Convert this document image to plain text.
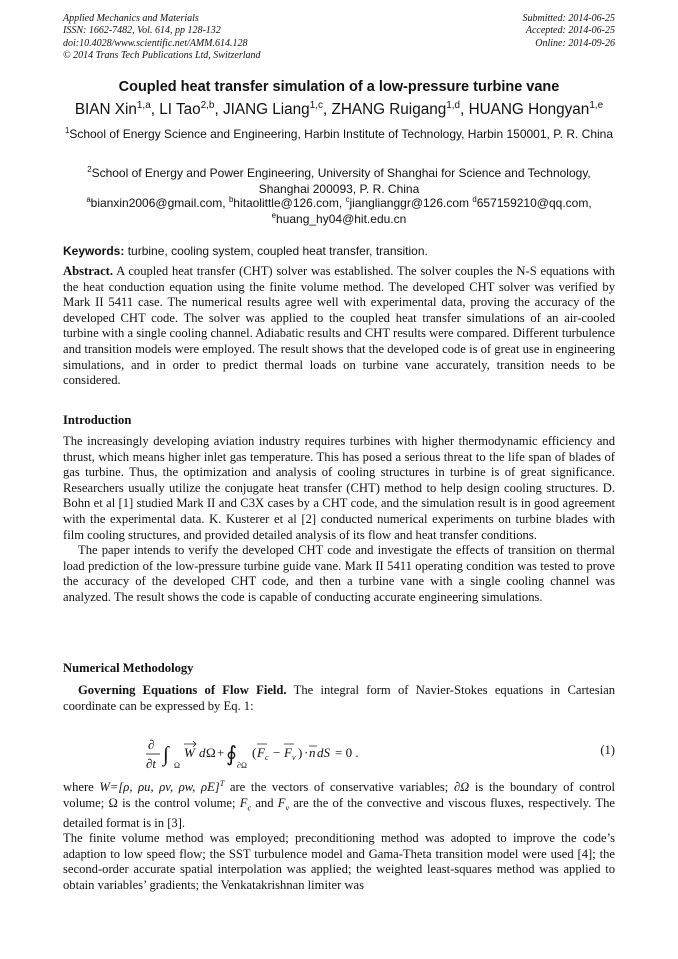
Applied Mechanics and Materials
ISSN: 1662-7482, Vol. 614, pp 128-132
doi:10.4028/www.scientific.net/AMM.614.128
© 2014 Trans Tech Publications Ltd, Switzerland
Submitted: 2014-06-25
Accepted: 2014-06-25
Online: 2014-09-26
Coupled heat transfer simulation of a low-pressure turbine vane
BIAN Xin$^{1,a}$, LI Tao$^{2,b}$, JIANG Liang$^{1,c}$, ZHANG Ruigang$^{1,d}$, HUANG Hongyan$^{1,e}$
$^1$School of Energy Science and Engineering, Harbin Institute of Technology, Harbin 150001, P. R. China
$^2$School of Energy and Power Engineering, University of Shanghai for Science and Technology, Shanghai 200093, P. R. China
$^a$bianxin2006@gmail.com, $^b$hitaolittle@126.com, $^c$jianglianggr@126.com $^d$657159210@qq.com,
$^e$huang_hy04@hit.edu.cn
Keywords: turbine, cooling system, coupled heat transfer, transition.

Abstract. A coupled heat transfer (CHT) solver was established. The solver couples the N-S equations with the heat conduction equation using the finite volume method. The developed CHT solver was verified by Mark II 5411 case. The numerical results agree well with experimental data, proving the accuracy of the developed CHT code. The solver was applied to the coupled heat transfer simulations of an air-cooled turbine with a single cooling channel. Adiabatic results and CHT results were compared. Different turbulence and transition models were employed. The result shows that the developed code is of great use in engineering simulations, and in order to predict thermal loads on turbine vane accurately, transition needs to be considered.

Introduction

The increasingly developing aviation industry requires turbines with higher thermodynamic efficiency and thrust, which means higher inlet gas temperature. This has posed a serious threat to the life span of blades of gas turbine. Thus, the optimization and analysis of cooling structures in turbine is of great significance. Researchers usually utilize the conjugate heat transfer (CHT) method to help design cooling structures. D. Bohn et al [1] studied Mark II and C3X cases by a CHT code, and the simulation result is in good agreement with the experimental data. K. Kusterer et al [2] conducted numerical experiments on turbine blades with film cooling structures, and provided detailed analysis of its flow and heat transfer conditions.

The paper intends to verify the developed CHT code and investigate the effects of transition on thermal load prediction of the low-pressure turbine guide vane. Mark II 5411 operating condition was tested to prove the accuracy of the developed CHT code, and then a turbine vane with a single cooling channel was analyzed. The result shows the code is capable of conducting accurate engineering simulations.

Numerical Methodology

Governing Equations of Flow Field. The integral form of Navier-Stokes equations in Cartesian coordinate can be expressed by Eq. 1:

∂
∂t ∫ Ω
W d Ω + ∮ ∂Ω
( F c − F v ) · n dS = 0 .	(1)

where W=[ρ, ρu, ρv, ρw, ρE]$^T$ are the vectors of conservative variables; ∂Ω is the boundary of control volume; Ω is the control volume; $F_c$ and $F_v$ are the of the convective and viscous fluxes, respectively. The detailed format is in [3].

The finite volume method was employed; preconditioning method was adopted to improve the code’s adaption to low speed flow; the SST turbulence model and Gama-Theta transition model were used [4]; the second-order accurate spatial interpolation was applied; the weighted least-squares method was applied to obtain variables’ gradients; the Venkatakrishnan limiter was
